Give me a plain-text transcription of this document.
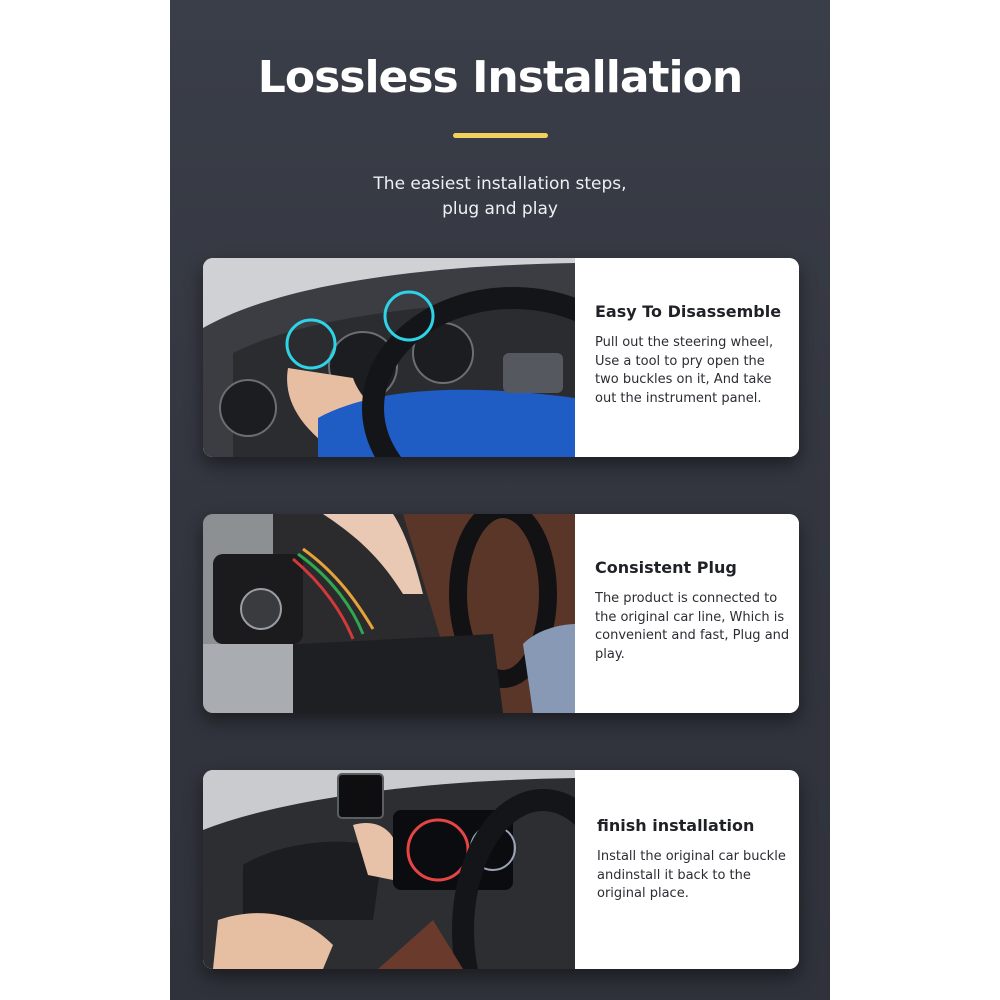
Lossless Installation

The easiest installation steps,
plug and play

Easy To Disassemble

Pull out the steering wheel, Use a tool to pry open the two buckles on it, And take out the instrument panel.

Consistent Plug

The product is connected to the original car line, Which is convenient and fast, Plug and play.

finish installation

Install the original car buckle andinstall it back to the original place.
